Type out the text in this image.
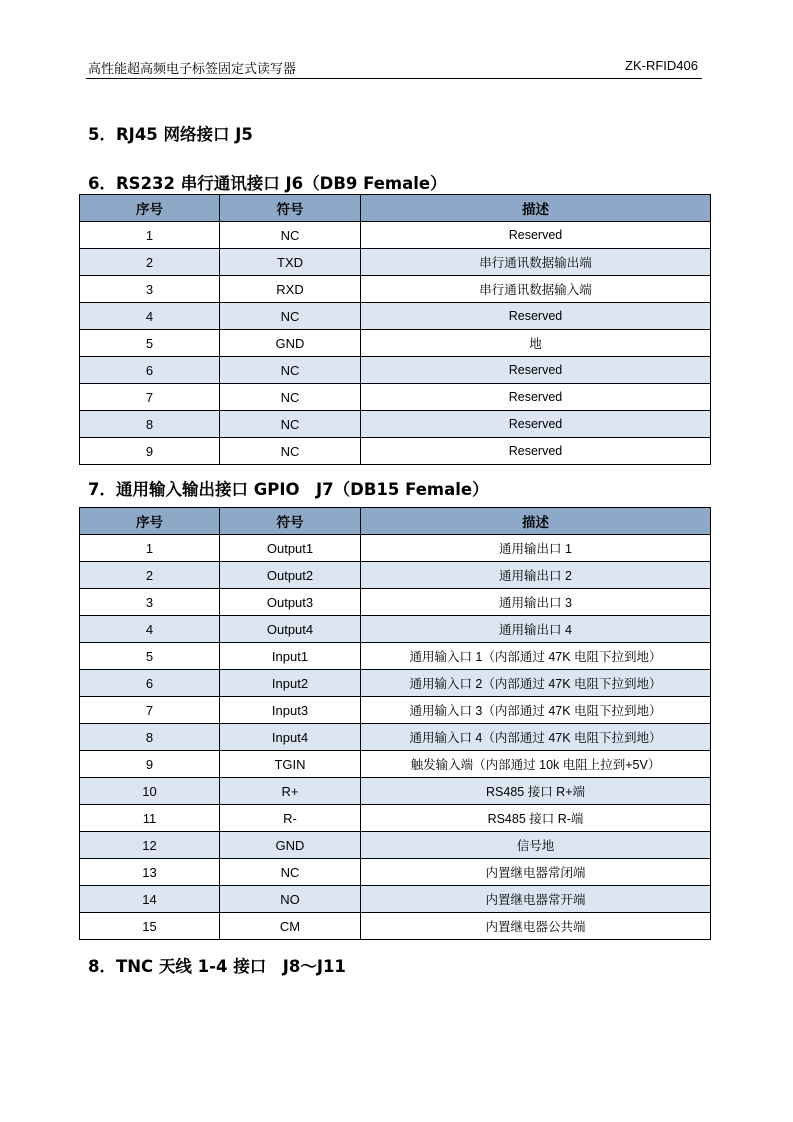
高性能超高频电子标签固定式读写器	ZK-RFID406
5．RJ45 网络接口 J5
6．RS232 串行通讯接口 J6（DB9 Female）
序号	符号	描述
1	NC	Reserved
2	TXD	串行通讯数据输出端
3	RXD	串行通讯数据输入端
4	NC	Reserved
5	GND	地
6	NC	Reserved
7	NC	Reserved
8	NC	Reserved
9	NC	Reserved
7．通用输入输出接口 GPIO　J7（DB15 Female）
序号	符号	描述
1	Output1	通用输出口 1
2	Output2	通用输出口 2
3	Output3	通用输出口 3
4	Output4	通用输出口 4
5	Input1	通用输入口 1（内部通过 47K 电阻下拉到地）
6	Input2	通用输入口 2（内部通过 47K 电阻下拉到地）
7	Input3	通用输入口 3（内部通过 47K 电阻下拉到地）
8	Input4	通用输入口 4（内部通过 47K 电阻下拉到地）
9	TGIN	触发输入端（内部通过 10k 电阻上拉到+5V）
10	R+	RS485 接口 R+端
11	R-	RS485 接口 R-端
12	GND	信号地
13	NC	内置继电器常闭端
14	NO	内置继电器常开端
15	CM	内置继电器公共端
8．TNC 天线 1-4 接口　J8～J11
